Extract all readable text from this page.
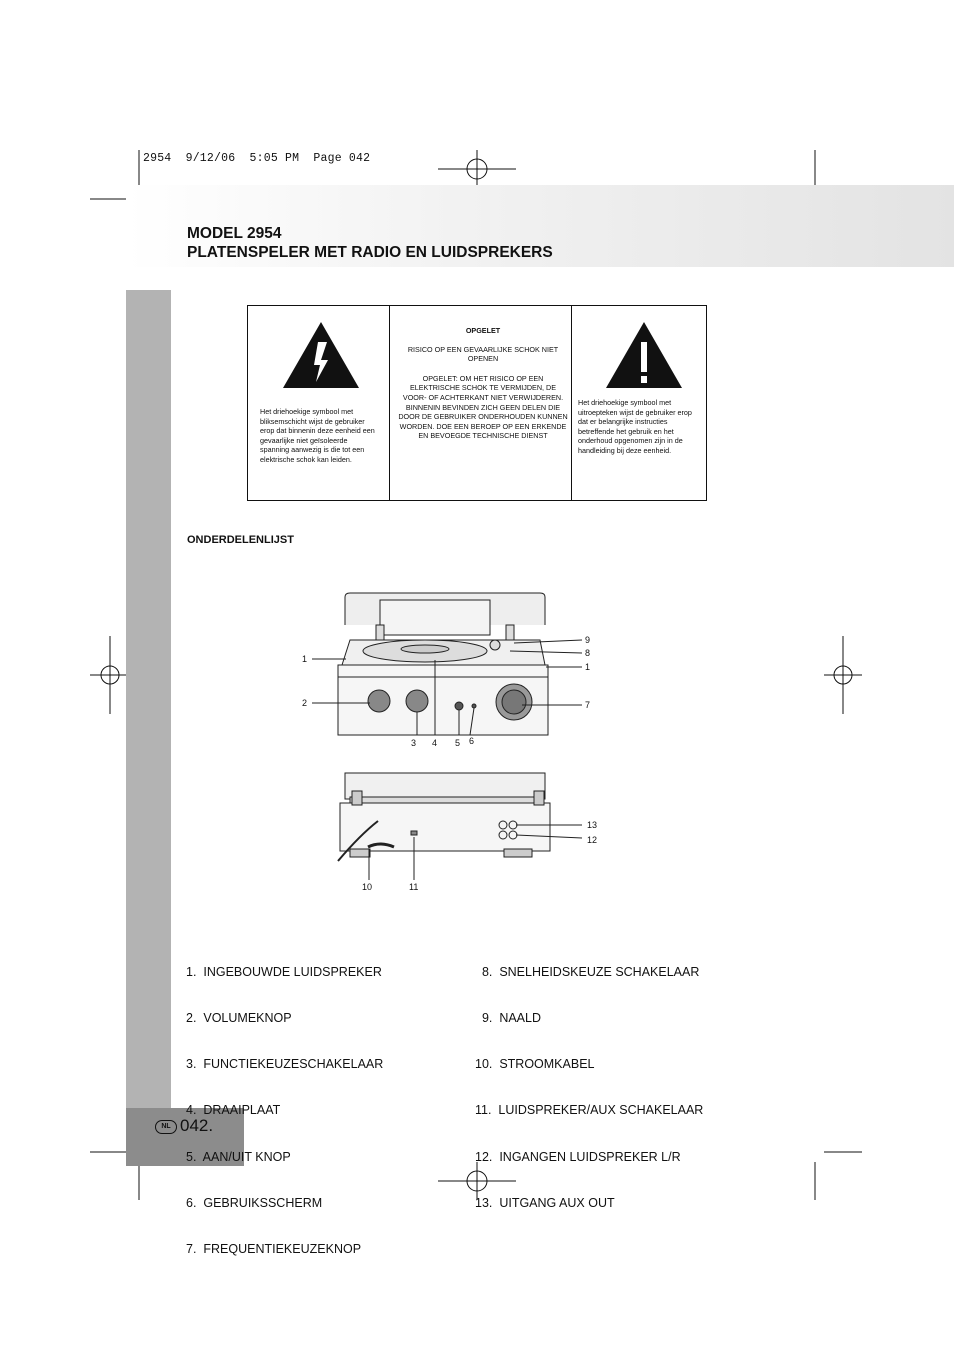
2954  9/12/06  5:05 PM  Page 042
MODEL 2954
PLATENSPELER MET RADIO EN LUIDSPREKERS
NL 042.
Het driehoekige symbool met bliksemschicht wijst de gebruiker erop dat binnenin deze eenheid een gevaarlijke niet geïsoleerde spanning aanwezig is die tot een elektrische schok kan leiden.
OPGELET
RISICO OP EEN GEVAARLIJKE SCHOK NIET OPENEN
OPGELET: OM HET RISICO OP EEN ELEKTRISCHE SCHOK TE VERMIJDEN, DE VOOR- OF ACHTERKANT NIET VERWIJDEREN. BINNENIN BEVINDEN ZICH GEEN DELEN DIE DOOR DE GEBRUIKER ONDERHOUDEN KUNNEN WORDEN. DOE EEN BEROEP OP EEN ERKENDE EN BEVOEGDE TECHNISCHE DIENST
Het driehoekige symbool met uitroepteken wijst de gebruiker erop dat er belangrijke instructies betreffende het gebruik en het onderhoud opgenomen zijn in de handleiding bij deze eenheid.
ONDERDELENLIJST
1
2
3 4 5 6
7
1
8
9
10	11
12
13

1.  INGEBOUWDE LUIDSPREKER

2.  VOLUMEKNOP

3.  FUNCTIEKEUZESCHAKELAAR

4.  DRAAIPLAAT

5.  AAN/UIT KNOP

6.  GEBRUIKSSCHERM

7.  FREQUENTIEKEUZEKNOP

8.  SNELHEIDSKEUZE SCHAKELAAR

9.  NAALD

10.  STROOMKABEL

11.  LUIDSPREKER/AUX SCHAKELAAR

12.  INGANGEN LUIDSPREKER L/R

13.  UITGANG AUX OUT
